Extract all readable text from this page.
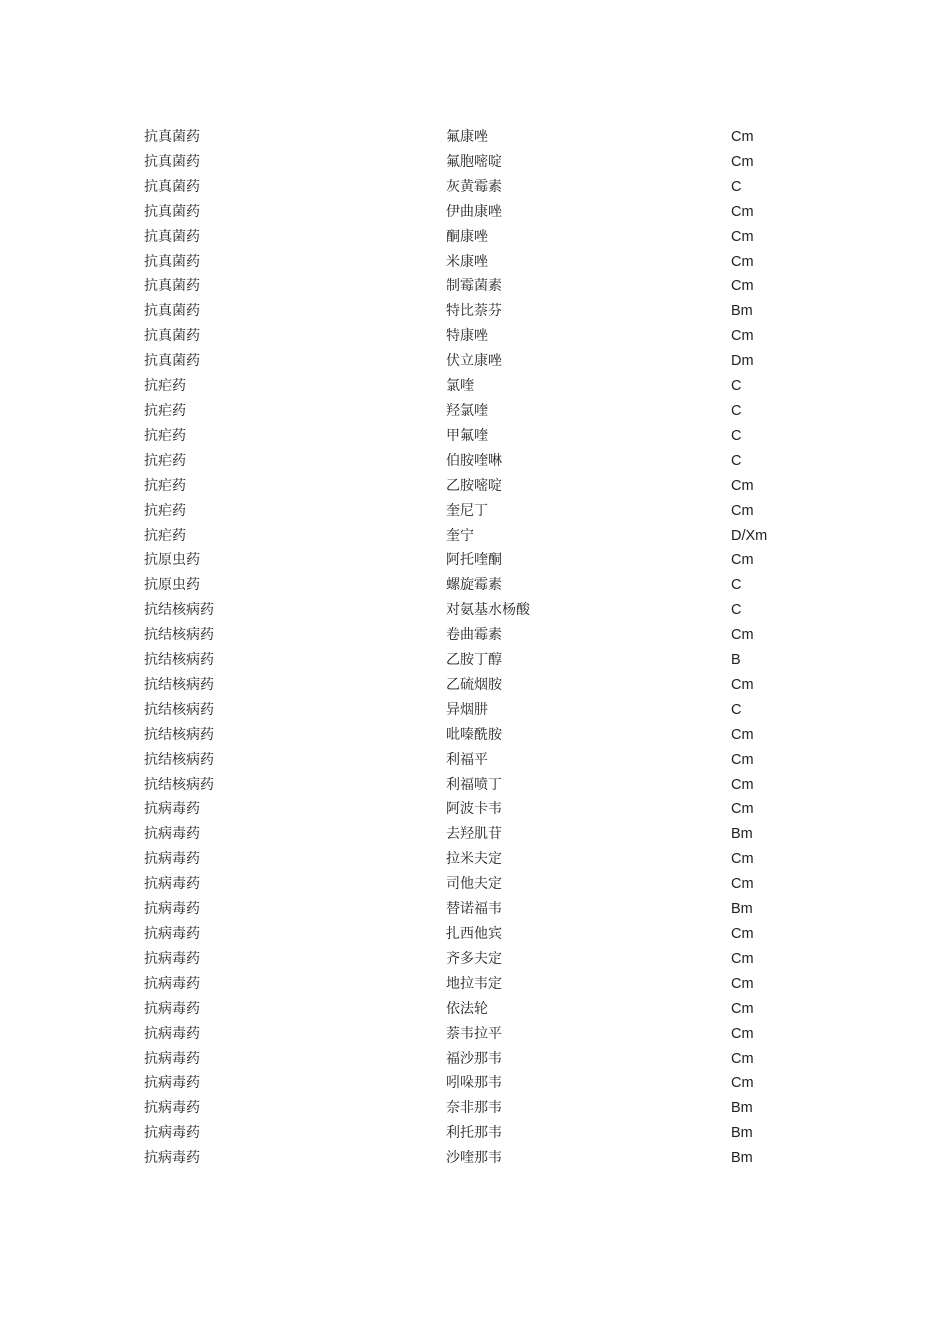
抗真菌药	氟康唑	Cm
抗真菌药	氟胞嘧啶	Cm
抗真菌药	灰黄霉素	C
抗真菌药	伊曲康唑	Cm
抗真菌药	酮康唑	Cm
抗真菌药	米康唑	Cm
抗真菌药	制霉菌素	Cm
抗真菌药	特比萘芬	Bm
抗真菌药	特康唑	Cm
抗真菌药	伏立康唑	Dm
抗疟药	氯喹	C
抗疟药	羟氯喹	C
抗疟药	甲氟喹	C
抗疟药	伯胺喹啉	C
抗疟药	乙胺嘧啶	Cm
抗疟药	奎尼丁	Cm
抗疟药	奎宁	D/Xm
抗原虫药	阿托喹酮	Cm
抗原虫药	螺旋霉素	C
抗结核病药	对氨基水杨酸	C
抗结核病药	卷曲霉素	Cm
抗结核病药	乙胺丁醇	B
抗结核病药	乙硫烟胺	Cm
抗结核病药	异烟肼	C
抗结核病药	吡嗪酰胺	Cm
抗结核病药	利福平	Cm
抗结核病药	利福喷丁	Cm
抗病毒药	阿波卡韦	Cm
抗病毒药	去羟肌苷	Bm
抗病毒药	拉米夫定	Cm
抗病毒药	司他夫定	Cm
抗病毒药	替诺福韦	Bm
抗病毒药	扎西他宾	Cm
抗病毒药	齐多夫定	Cm
抗病毒药	地拉韦定	Cm
抗病毒药	依法轮	Cm
抗病毒药	萘韦拉平	Cm
抗病毒药	福沙那韦	Cm
抗病毒药	吲哚那韦	Cm
抗病毒药	奈非那韦	Bm
抗病毒药	利托那韦	Bm
抗病毒药	沙喹那韦	Bm
